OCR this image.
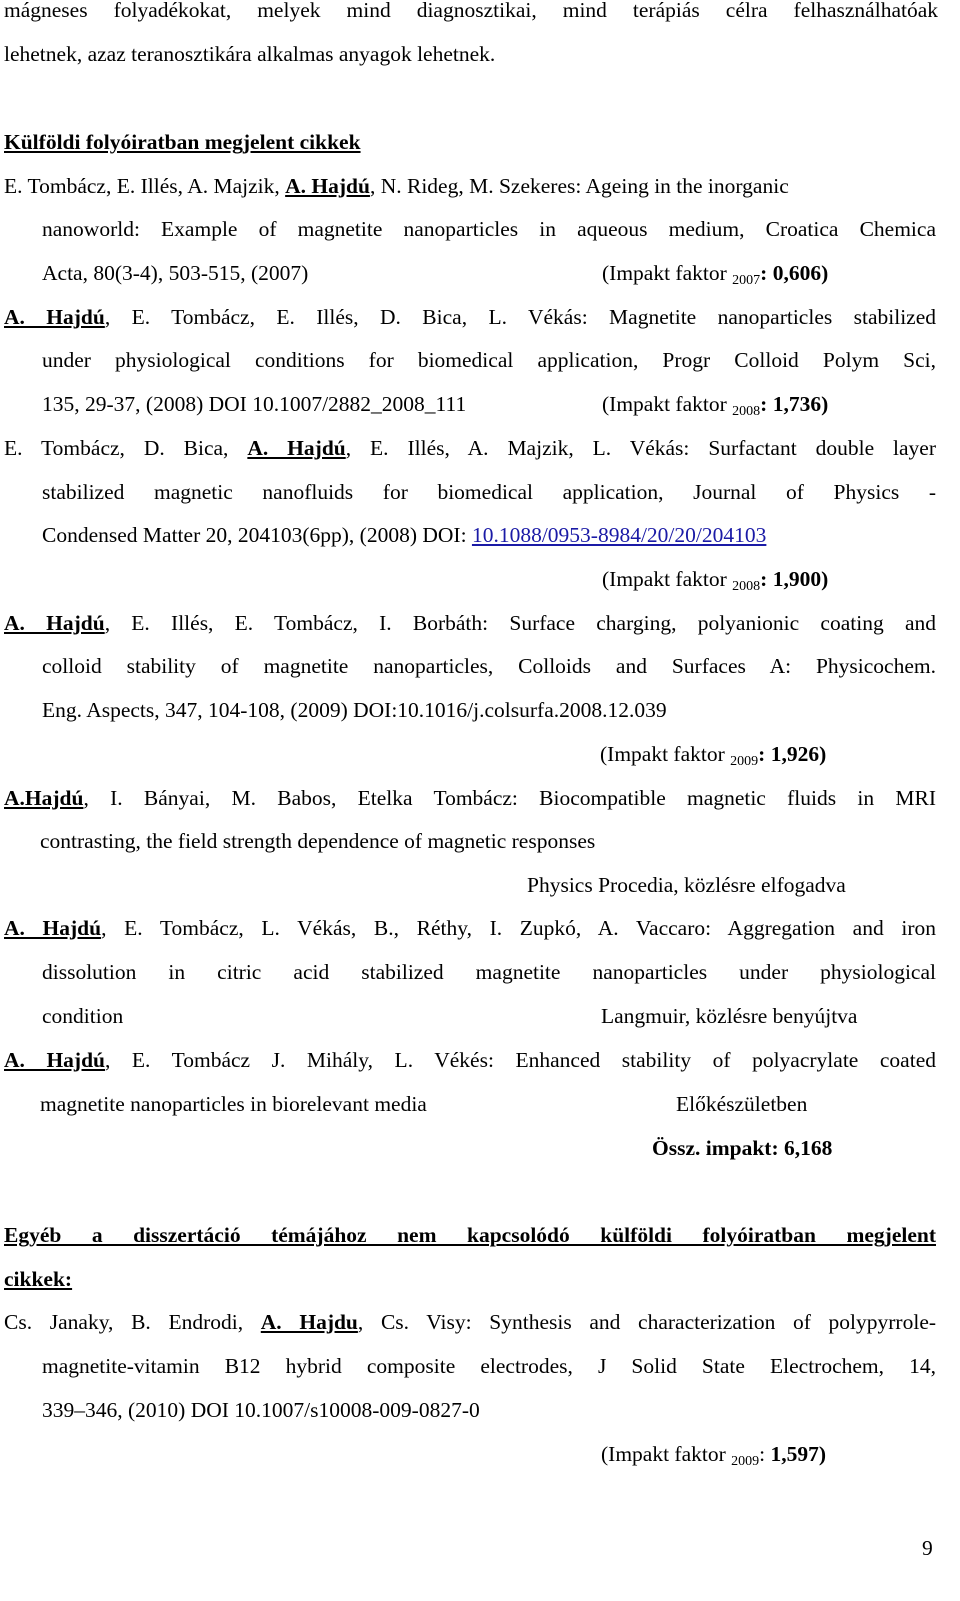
mágneses folyadékokat, melyek mind diagnosztikai, mind terápiás célra felhasználhatóak
lehetnek, azaz teranosztikára alkalmas anyagok lehetnek.
Külföldi folyóiratban megjelent cikkek
E. Tombácz, E. Illés, A. Majzik, A. Hajdú, N. Rideg, M. Szekeres: Ageing in the inorganic
nanoworld: Example of magnetite nanoparticles in aqueous medium, Croatica Chemica
Acta, 80(3-4), 503-515, (2007)	(Impakt faktor $_{2007}$: 0,606)
A. Hajdú, E. Tombácz, E. Illés, D. Bica, L. Vékás: Magnetite nanoparticles stabilized
under physiological conditions for biomedical application, Progr Colloid Polym Sci,
135, 29-37, (2008) DOI 10.1007/2882_2008_111	(Impakt faktor $_{2008}$: 1,736)
E. Tombácz, D. Bica, A. Hajdú, E. Illés, A. Majzik, L. Vékás: Surfactant double layer
stabilized magnetic nanofluids for biomedical application, Journal of Physics -
Condensed Matter 20, 204103(6pp), (2008) DOI: 10.1088/0953-8984/20/20/204103
(Impakt faktor $_{2008}$: 1,900)
A. Hajdú, E. Illés, E. Tombácz, I. Borbáth: Surface charging, polyanionic coating and
colloid stability of magnetite nanoparticles, Colloids and Surfaces A: Physicochem.
Eng. Aspects, 347, 104-108, (2009) DOI:10.1016/j.colsurfa.2008.12.039
(Impakt faktor $_{2009}$: 1,926)
A.Hajdú, I. Bányai, M. Babos, Etelka Tombácz: Biocompatible magnetic fluids in MRI
contrasting, the field strength dependence of magnetic responses
Physics Procedia, közlésre elfogadva
A. Hajdú, E. Tombácz, L. Vékás, B., Réthy, I. Zupkó, A. Vaccaro: Aggregation and iron
dissolution in citric acid stabilized magnetite nanoparticles under physiological
condition	Langmuir, közlésre benyújtva
A. Hajdú, E. Tombácz J. Mihály, L. Vékés: Enhanced stability of polyacrylate coated
magnetite nanoparticles in biorelevant media	Előkészületben
Össz. impakt: 6,168
Egyéb a disszertáció témájához nem kapcsolódó külföldi folyóiratban megjelent
cikkek:
Cs. Janaky, B. Endrodi, A. Hajdu, Cs. Visy: Synthesis and characterization of polypyrrole-
magnetite-vitamin B12 hybrid composite electrodes, J Solid State Electrochem, 14,
339–346, (2010) DOI 10.1007/s10008-009-0827-0
(Impakt faktor $_{2009}$: 1,597)
9
